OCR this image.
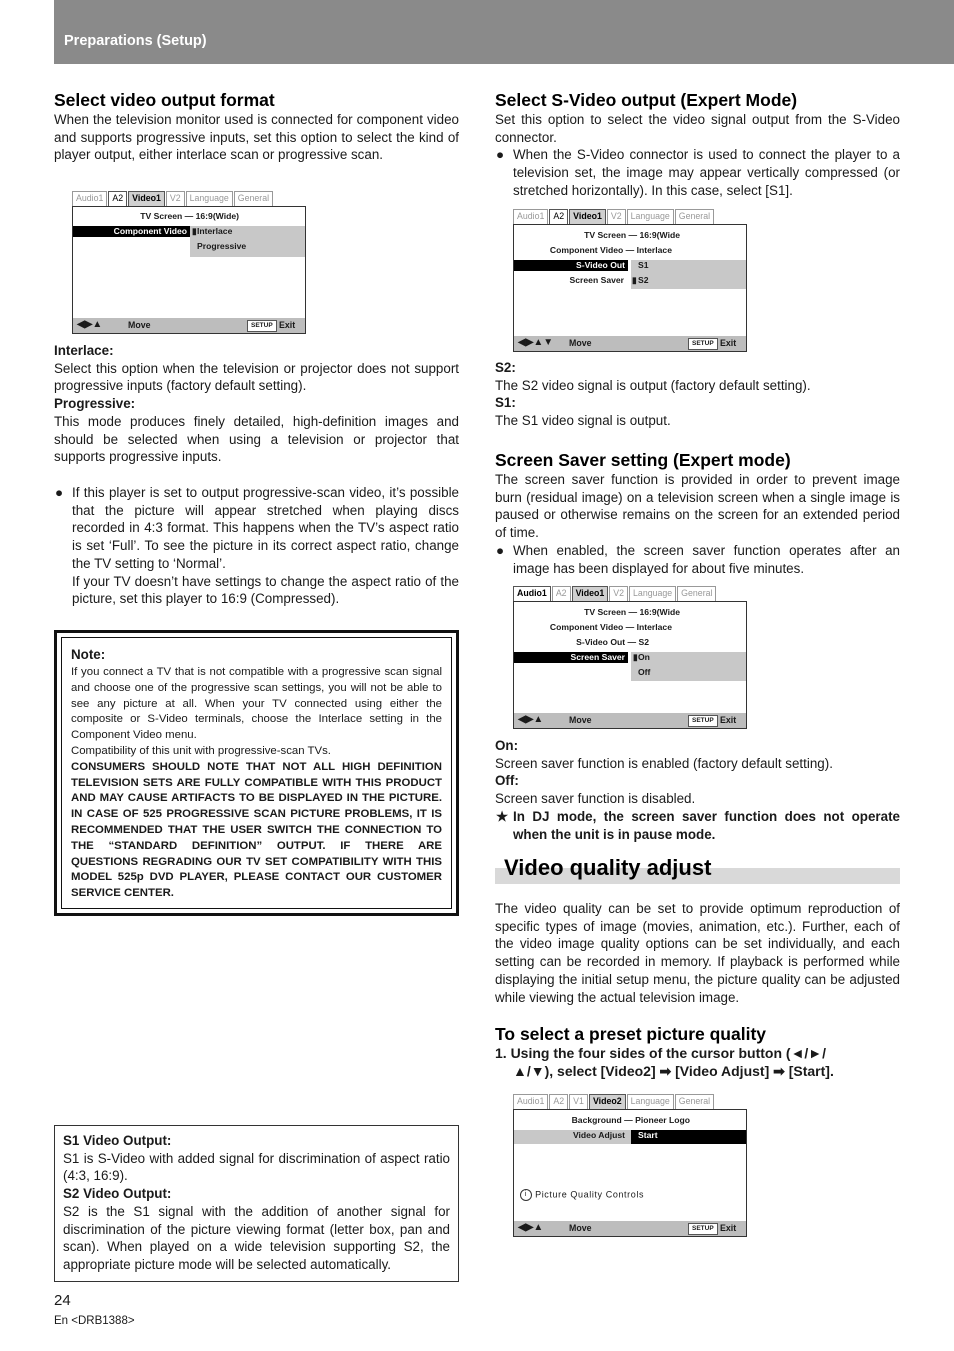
Preparations (Setup)
Select video output format

When the television monitor used is connected for component video and supports progressive inputs, set this option to select the kind of player output, either interlace scan or progressive scan.

Audio1 A2 Video1 V2 Language General
TV Screen — 16:9(Wide)
Component Video ▮ Interlace
Progressive
◀▶▲	Move	SETUP Exit

Interlace:

Select this option when the television or projector does not support progressive inputs (factory default setting).

Progressive:

This mode produces finely detailed, high-definition images and should be selected when using a television or projector that supports progressive inputs.

● If this player is set to output progressive-scan video, it’s possible that the picture will appear stretched when playing discs recorded in 4:3 format. This happens when the TV’s aspect ratio is set ‘Full’. To see the picture in its correct aspect ratio, change the TV setting to ‘Normal’.

If your TV doesn’t have settings to change the aspect ratio of the picture, set this player to 16:9 (Compressed).

Note:
If you connect a TV that is not compatible with a progressive scan signal and choose one of the progressive scan settings, you will not be able to see any picture at all. When your TV connected using either the composite or S-Video terminals, choose the Interlace setting in the Component Video menu.
Compatibility of this unit with progressive-scan TVs.
CONSUMERS SHOULD NOTE THAT NOT ALL HIGH DEFINITION TELEVISION SETS ARE FULLY COMPATIBLE WITH THIS PRODUCT AND MAY CAUSE ARTIFACTS TO BE DISPLAYED IN THE PICTURE. IN CASE OF 525 PROGRESSIVE SCAN PICTURE PROBLEMS, IT IS RECOMMENDED THAT THE USER SWITCH THE CONNECTION TO THE “STANDARD DEFINITION” OUTPUT. IF THERE ARE QUESTIONS REGRADING OUR TV SET COMPATIBILITY WITH THIS MODEL 525p DVD PLAYER, PLEASE CONTACT OUR CUSTOMER SERVICE CENTER.
S1 Video Output:
S1 is S-Video with added signal for discrimination of aspect ratio (4:3, 16:9).
S2 Video Output:
S2 is the S1 signal with the addition of another signal for discrimination of the picture viewing format (letter box, pan and scan). When played on a wide television supporting S2, the appropriate picture mode will be selected automatically.
Select S-Video output (Expert Mode)

Set this option to select the video signal output from the S-Video connector.

● When the S-Video connector is used to connect the player to a television set, the image may appear vertically compressed (or stretched horizontally). In this case, select [S1].

Audio1 A2 Video1 V2 Language General
TV Screen — 16:9(Wide
Component Video — Interlace
S-Video Out	S1
Screen Saver ▮ S2
◀▶▲▼ Move	SETUP Exit

S2:

The S2 video signal is output (factory default setting).

S1:

The S1 video signal is output.

Screen Saver setting (Expert mode)

The screen saver function is provided in order to prevent image burn (residual image) on a television screen when a single image is paused or otherwise remains on the screen for an extended period of time.

● When enabled, the screen saver function operates after an image has been displayed for about five minutes.

Audio1 A2 Video1 V2 Language General
TV Screen — 16:9(Wide
Component Video — Interlace
S-Video Out — S2
Screen Saver ▮ On
Off
◀▶▲	Move	SETUP Exit

On:

Screen saver function is enabled (factory default setting).

Off:

Screen saver function is disabled.

★ In DJ mode, the screen saver function does not operate when the unit is in pause mode.

Video quality adjust

The video quality can be set to provide optimum reproduction of specific types of image (movies, animation, etc.). Further, each of the video image quality options can be set individually, and each setting can be recorded in memory. If playback is performed while displaying the initial setup menu, the picture quality can be adjusted while viewing the actual television image.

To select a preset picture quality

1. Using the four sides of the cursor button (◄/►/

▲/▼), select [Video2] ➡ [Video Adjust] ➡ [Start].

Audio1 A2 V1 Video2 Language General
Background — Pioneer Logo
Video Adjust	Start
i Picture Quality Controls
◀▶▲	Move	SETUP Exit
24
En <DRB1388>
